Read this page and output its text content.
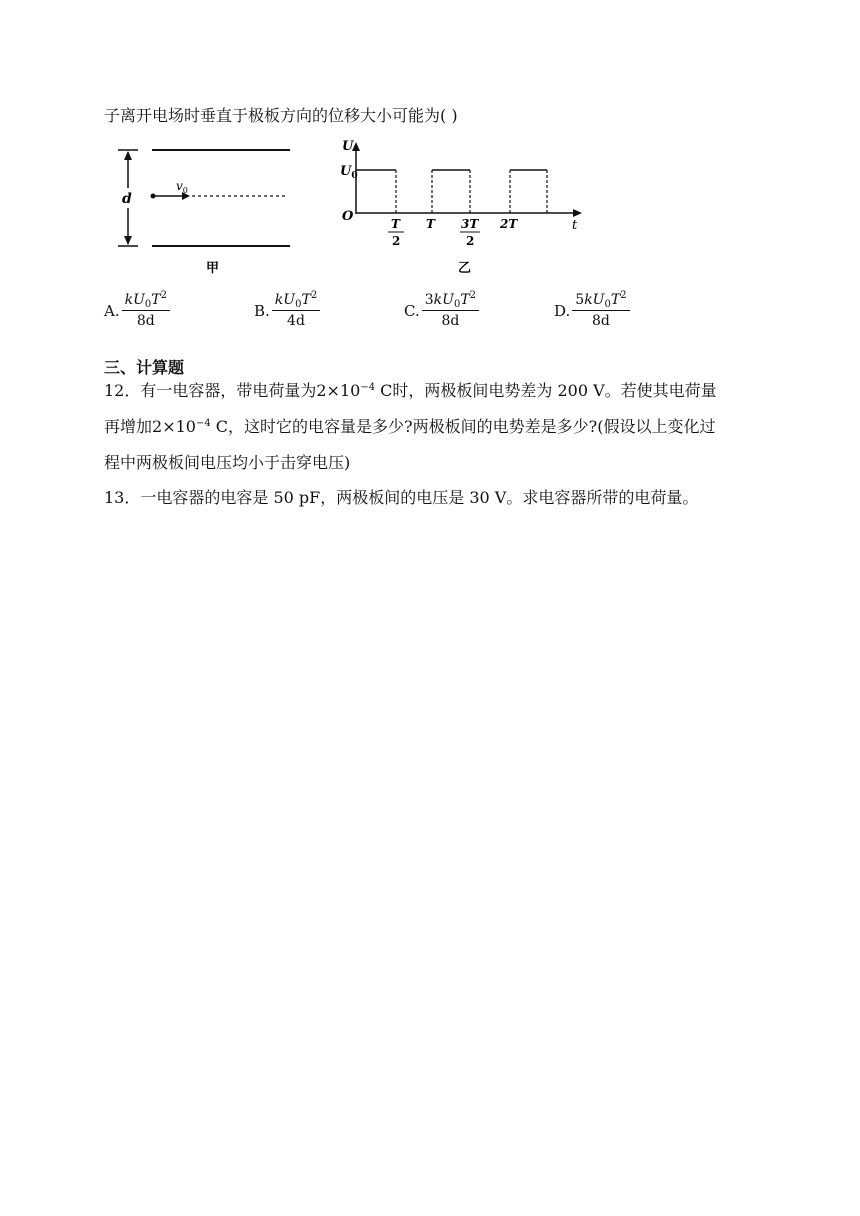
子离开电场时垂直于极板方向的位移大小可能为( )
d
$v_0$
甲
U
$U_0$
O
t
T
2
T 3T
2
2T
乙
A. $\frac{kU_0T^2}{8d}$	B. $\frac{kU_0T^2}{4d}$	C. $\frac{3kU_0T^2}{8d}$	D. $\frac{5kU_0T^2}{8d}$
三、计算题
12．有一电容器，带电荷量为$2\times 10^{-4}$ C时，两极板间电势差为 200 V。若使其电荷量
再增加$2\times 10^{-4}$ C，这时它的电容量是多少?两极板间的电势差是多少?(假设以上变化过
程中两极板间电压均小于击穿电压)
13．一电容器的电容是 50 pF，两极板间的电压是 30 V。求电容器所带的电荷量。
